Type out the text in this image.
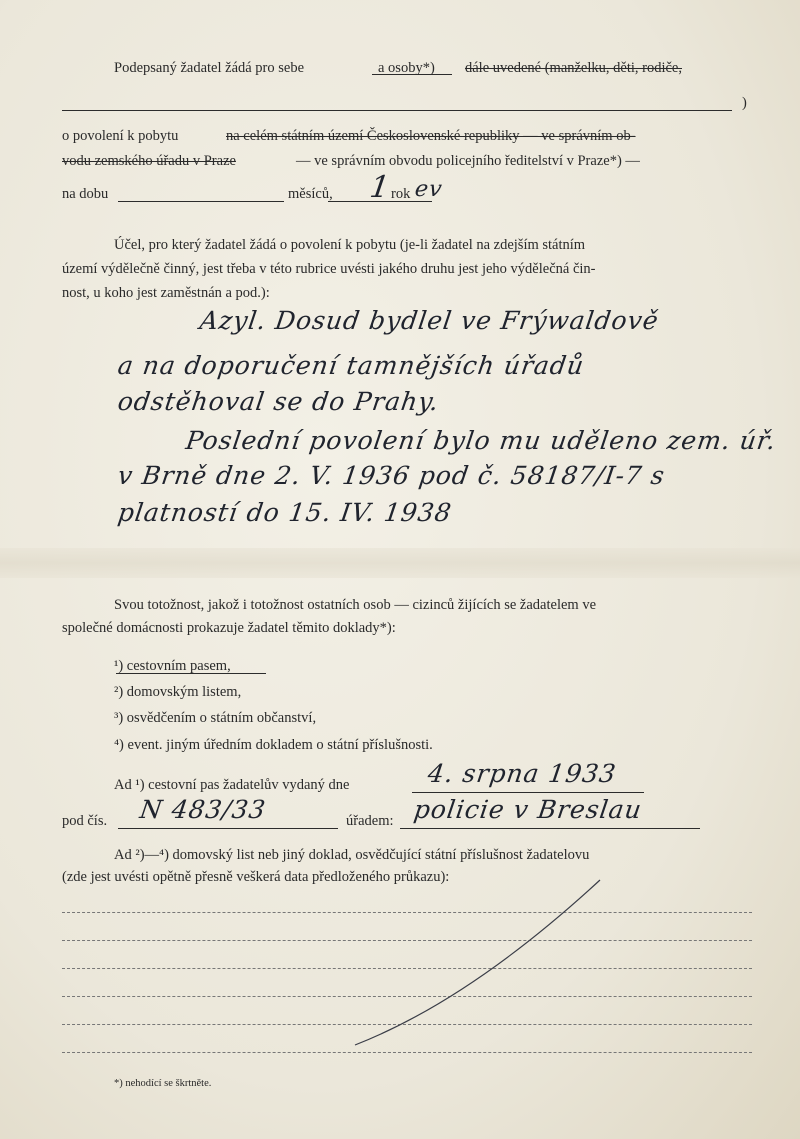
Podepsaný žadatel žádá pro sebe	a osoby*) dále uvedené (manželku, děti, rodiče,
)
o povolení k pobytu	na celém státním území Československé republiky — ve správním ob-
vodu zemského úřadu v Praze	— ve správním obvodu policejního ředitelství v Praze*) —
na dobu	měsíců, 1
rok ev
Účel, pro který žadatel žádá o povolení k pobytu (je-li žadatel na zdejším státním
území výdělečně činný, jest třeba v této rubrice uvésti jakého druhu jest jeho výdělečná čin-
nost, u koho jest zaměstnán a pod.):
Azyl. Dosud bydlel ve Frýwaldově
a na doporučení tamnějších úřadů
odstěhoval se do Prahy.
Poslední povolení bylo mu uděleno zem. úř.
v Brně dne 2. V. 1936 pod č. 58187/I-7 s
platností do 15. IV. 1938
Svou totožnost, jakož i totožnost ostatních osob — cizinců žijících se žadatelem ve
společné domácnosti prokazuje žadatel těmito doklady*):
¹) cestovním pasem,
²) domovským listem,
³) osvědčením o státním občanství,
⁴) event. jiným úředním dokladem o státní příslušnosti.
Ad ¹) cestovní pas žadatelův vydaný dne	4. srpna 1933
pod čís. N 483/33	úřadem: policie v Breslau
Ad ²)—⁴) domovský list neb jiný doklad, osvědčující státní příslušnost žadatelovu
(zde jest uvésti opětně přesně veškerá data předloženého průkazu):
*) nehodící se škrtněte.
